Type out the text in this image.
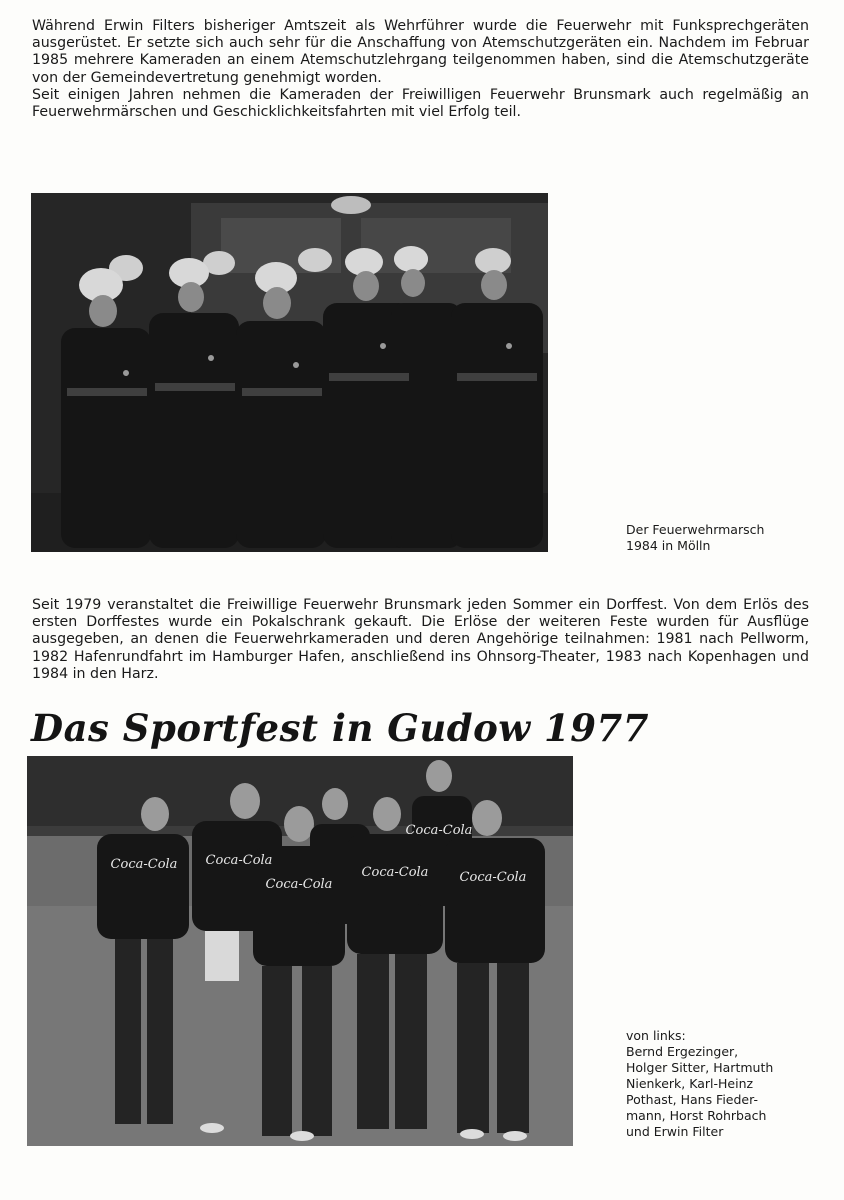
Während Erwin Filters bisheriger Amtszeit als Wehrführer wurde die Feuerwehr mit Funksprechgeräten ausgerüstet. Er setzte sich auch sehr für die Anschaffung von Atemschutzgeräten ein. Nachdem im Februar 1985 mehrere Kameraden an einem Atemschutzlehrgang teilgenommen haben, sind die Atemschutzgeräte von der Gemeindevertretung genehmigt worden.
Seit einigen Jahren nehmen die Kameraden der Freiwilligen Feuerwehr Brunsmark auch regelmäßig an Feuerwehrmärschen und Geschicklichkeitsfahrten mit viel Erfolg teil.
Der Feuerwehrmarsch
1984 in Mölln

Seit 1979 veranstaltet die Freiwillige Feuerwehr Brunsmark jeden Sommer ein Dorffest. Von dem Erlös des ersten Dorffestes wurde ein Pokalschrank gekauft. Die Erlöse der weiteren Feste wurden für Ausflüge ausgegeben, an denen die Feuerwehrkameraden und deren Angehörige teilnahmen: 1981 nach Pellworm, 1982 Hafenrundfahrt im Hamburger Hafen, anschließend ins Ohnsorg-Theater, 1983 nach Kopenhagen und 1984 in den Harz.

Das Sportfest in Gudow 1977
Coca-Cola Coca-Cola
Coca-Cola
Coca-Cola
Coca-Cola
Coca-Cola
von links:
Bernd Ergezinger,
Holger Sitter, Hartmuth
Nienkerk, Karl-Heinz
Pothast, Hans Fieder-
mann, Horst Rohrbach
und Erwin Filter
